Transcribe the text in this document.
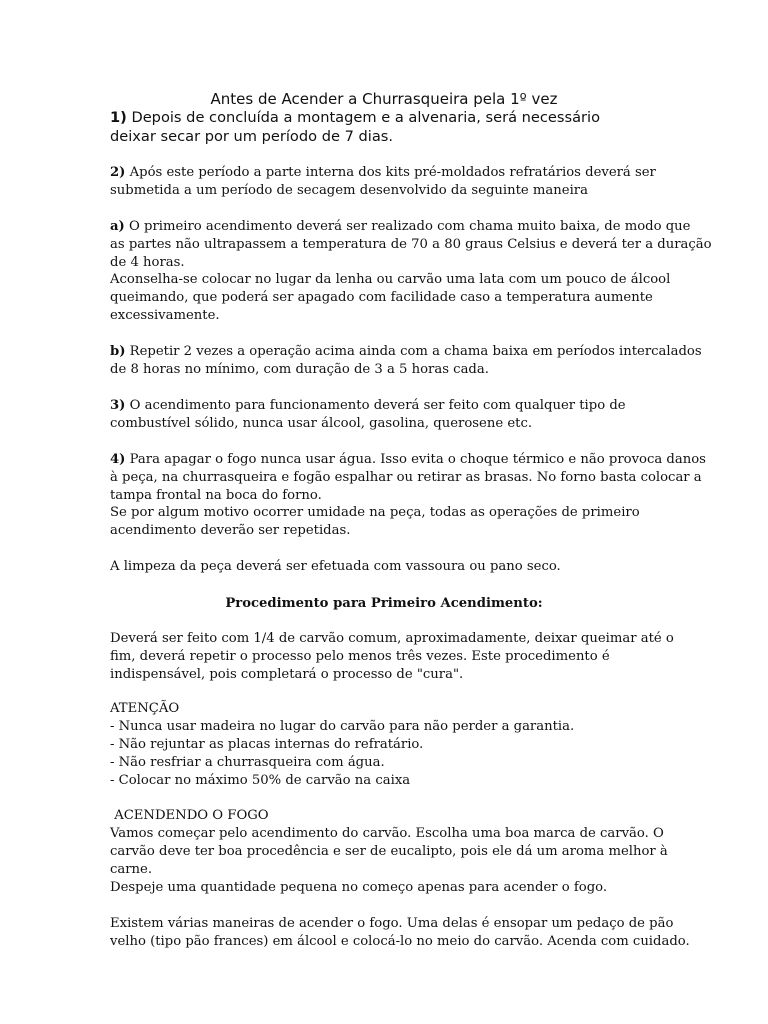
Antes de Acender a Churrasqueira pela 1º vez
1) Depois de concluída a montagem e a alvenaria, será necessário
deixar secar por um período de 7 dias.
2) Após este período a parte interna dos kits pré-moldados refratários deverá ser
submetida a um período de secagem desenvolvido da seguinte maneira
a) O primeiro acendimento deverá ser realizado com chama muito baixa, de modo que
as partes não ultrapassem a temperatura de 70 a 80 graus Celsius e deverá ter a duração
de 4 horas.
Aconselha-se colocar no lugar da lenha ou carvão uma lata com um pouco de álcool
queimando, que poderá ser apagado com facilidade caso a temperatura aumente
excessivamente.
b) Repetir 2 vezes a operação acima ainda com a chama baixa em períodos intercalados
de 8 horas no mínimo, com duração de 3 a 5 horas cada.
3) O acendimento para funcionamento deverá ser feito com qualquer tipo de
combustível sólido, nunca usar álcool, gasolina, querosene etc.
4) Para apagar o fogo nunca usar água. Isso evita o choque térmico e não provoca danos
à peça, na churrasqueira e fogão espalhar ou retirar as brasas. No forno basta colocar a
tampa frontal na boca do forno.
Se por algum motivo ocorrer umidade na peça, todas as operações de primeiro
acendimento deverão ser repetidas.
A limpeza da peça deverá ser efetuada com vassoura ou pano seco.
Procedimento para Primeiro Acendimento:
Deverá ser feito com 1/4 de carvão comum, aproximadamente, deixar queimar até o
fim, deverá repetir o processo pelo menos três vezes. Este procedimento é
indispensável, pois completará o processo de "cura".
ATENÇÃO
- Nunca usar madeira no lugar do carvão para não perder a garantia.
- Não rejuntar as placas internas do refratário.
- Não resfriar a churrasqueira com água.
- Colocar no máximo 50% de carvão na caixa
ACENDENDO O FOGO
Vamos começar pelo acendimento do carvão. Escolha uma boa marca de carvão. O
carvão deve ter boa procedência e ser de eucalipto, pois ele dá um aroma melhor à
carne.
Despeje uma quantidade pequena no começo apenas para acender o fogo.
Existem várias maneiras de acender o fogo. Uma delas é ensopar um pedaço de pão
velho (tipo pão frances) em álcool e colocá-lo no meio do carvão. Acenda com cuidado.
